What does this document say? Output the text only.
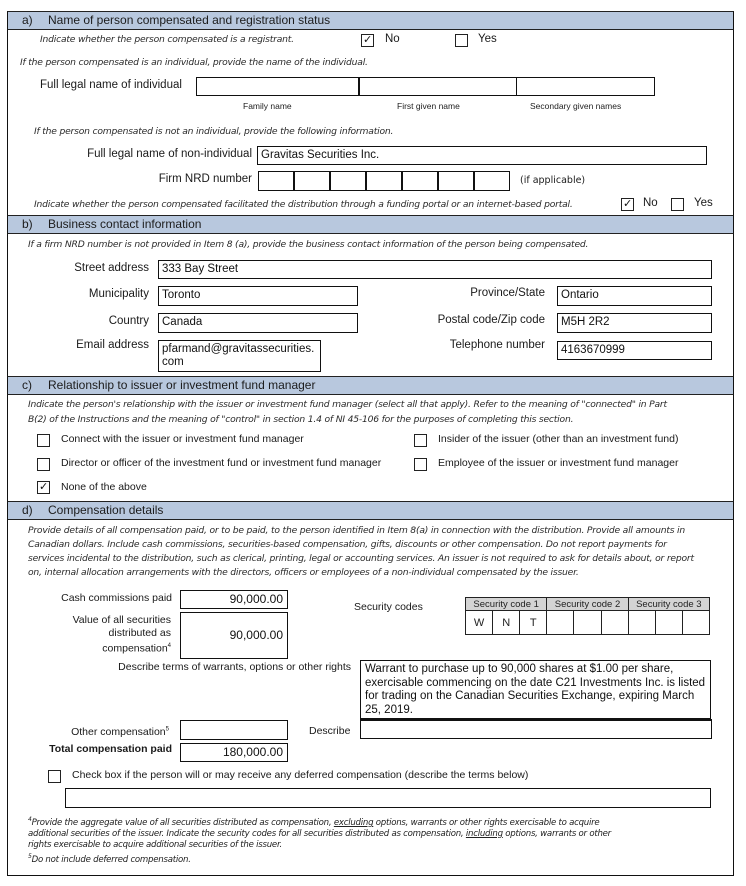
a) Name of person compensated and registration status
Indicate whether the person compensated is a registrant.	✓ No	Yes
If the person compensated is an individual, provide the name of the individual.
Full legal name of individual
Family name	First given name	Secondary given names
If the person compensated is not an individual, provide the following information.
Full legal name of non-individual Gravitas Securities Inc.
Firm NRD number	(if applicable)
Indicate whether the person compensated facilitated the distribution through a funding portal or an internet-based portal.	✓ No	Yes
b) Business contact information
If a firm NRD number is not provided in Item 8 (a), provide the business contact information of the person being compensated.
Street address	333 Bay Street
Municipality	Toronto	Province/State	Ontario
Country	Canada	Postal code/Zip code	M5H 2R2
Email address	pfarmand@gravitassecurities.com
Telephone number	4163670999
c) Relationship to issuer or investment fund manager
Indicate the person's relationship with the issuer or investment fund manager (select all that apply). Refer to the meaning of "connected" in Part
B(2) of the Instructions and the meaning of "control" in section 1.4 of NI 45-106 for the purposes of completing this section.
Connect with the issuer or investment fund manager	Insider of the issuer (other than an investment fund)
Director or officer of the investment fund or investment fund manager	Employee of the issuer or investment fund manager
✓ None of the above
d) Compensation details
Provide details of all compensation paid, or to be paid, to the person identified in Item 8(a) in connection with the distribution. Provide all amounts in
Canadian dollars. Include cash commissions, securities-based compensation, gifts, discounts or other compensation. Do not report payments for
services incidental to the distribution, such as clerical, printing, legal or accounting services. An issuer is not required to ask for details about, or report
on, internal allocation arrangements with the directors, officers or employees of a non-individual compensated by the issuer.
Cash commissions paid	90,000.00
Value of all securities
distributed as
compensation$^4$
90,000.00
Security codes	Security code 1			Security code 2			Security code 3		
W	N	T						
Describe terms of warrants, options or other rights	Warrant to purchase up to 90,000 shares at $1.00 per share, exercisable commencing on the date C21 Investments Inc. is listed for trading on the Canadian Securities Exchange, expiring March 25, 2019.
Other compensation$^5$	Describe
Total compensation paid	180,000.00
Check box if the person will or may receive any deferred compensation (describe the terms below)
$^4$Provide the aggregate value of all securities distributed as compensation, excluding options, warrants or other rights exercisable to acquire
additional securities of the issuer. Indicate the security codes for all securities distributed as compensation, including options, warrants or other
rights exercisable to acquire additional securities of the issuer.
$^5$Do not include deferred compensation.
